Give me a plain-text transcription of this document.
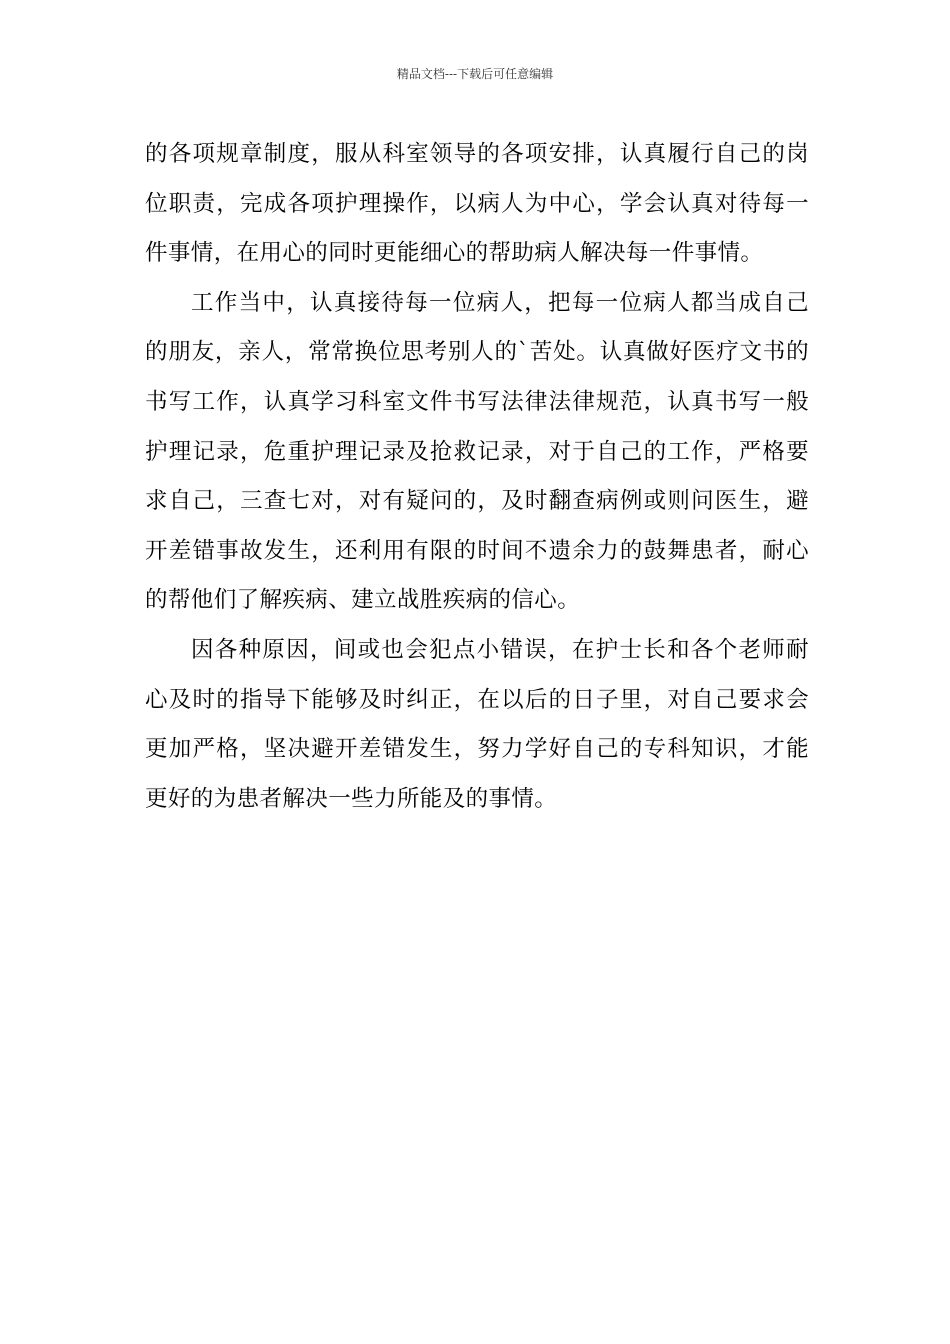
精品文档---下载后可任意编辑

的各项规章制度，服从科室领导的各项安排，认真履行自己的岗位职责，完成各项护理操作，以病人为中心，学会认真对待每一件事情，在用心的同时更能细心的帮助病人解决每一件事情。

工作当中，认真接待每一位病人，把每一位病人都当成自己的朋友，亲人，常常换位思考别人的`苦处。认真做好医疗文书的书写工作，认真学习科室文件书写法律法律规范，认真书写一般护理记录，危重护理记录及抢救记录，对于自己的工作，严格要求自己，三查七对，对有疑问的，及时翻查病例或则问医生，避开差错事故发生，还利用有限的时间不遗余力的鼓舞患者，耐心的帮他们了解疾病、建立战胜疾病的信心。

因各种原因，间或也会犯点小错误，在护士长和各个老师耐心及时的指导下能够及时纠正，在以后的日子里，对自己要求会更加严格，坚决避开差错发生，努力学好自己的专科知识，才能更好的为患者解决一些力所能及的事情。
